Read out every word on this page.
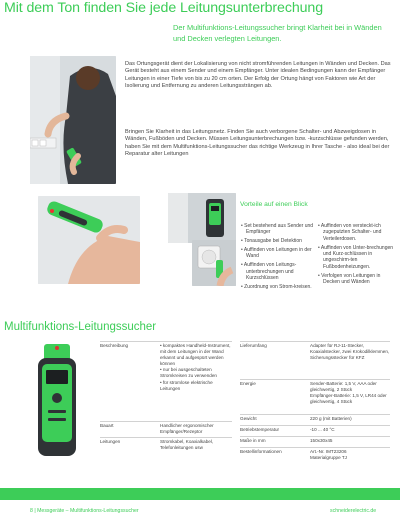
Mit dem Ton finden Sie jede Leitungsunterbrechung
Der Multifunktions-Leitungssucher bringt Klarheit bei in Wänden und Decken verlegten Leitungen.
Das Ortungsgerät dient der Lokalisierung von nicht stromführenden Leitungen in Wänden und Decken. Das Gerät besteht aus einem Sender und einem Empfänger. Unter idealen Bedingungen kann der Empfänger Leitungen in einer Tiefe von bis zu 20 cm orten. Der Erfolg der Ortung hängt von Faktoren wie Art der Isolierung und Entfernung zu anderen Leitungssträngen ab.
Bringen Sie Klarheit in das Leitungsnetz. Finden Sie auch verborgene Schalter- und Abzweigdosen in Wänden, Fußböden und Decken. Müssen Leitungsunterbrechungen bzw. -kurzschlüsse gefunden werden, haben Sie mit dem Multifunktions-Leitungssucher das richtige Werkzeug in Ihrer Tasche - also ideal bei der Reparatur alter Leitungen
Vorteile auf einen Blick
• Set bestehend aus Sender und Empfänger
• Tonausgabe bei Detektion
• Auffinden von Leitungen in der Wand
• Auffinden von Leitungs-unterbrechungen und Kurzschlüssen
• Zuordnung von Strom-kreisen.
• Auffinden von versteckt-ich zugeputzten Schalter- und Verteilerdosen.
• Auffinden von Unter-brechungen und Kurz-schlüssen in ungeschirm-ten Fußbodenheizungen.
• Verfolgen von Leitungen in Decken und Wänden
Multifunktions-Leitungssucher
Beschreibung	• kompaktes Handheld-Instrument, mit dem Leitungen in der Wand erkannt und aufgespürt werden können
• nur bei ausgeschalteten Stromkreisen zu verwenden
• für stromlose elektrische Leitungen
Bauart	Handlicher ergonomischer Empfänger/Rezeptor
Leitungen	Stromkabel, Koaxialkabel, Telefonleitungen usw
Lieferumfang	Adapter für RJ-11-Stecker, Koaxialstecker, zwei Krokodilklemmen, Sicherungsstecker für KFZ
Energie	Sender-Batterie: 1,5 V, AAA oder gleichwertig, 2 Stück
Empfänger-Batterie: 1,5 V, LR44 oder gleichwertig, 4 Stück
Gewicht	220 g (mit Batterien)
Betriebstemperatur	-10 ... 40 °C
Maße in mm	150x30x45
Bestellinformationen	Art.-Nr. IMT23206
Materialgruppe TJ
8 | Messgeräte – Multifunktions-Leitungssucher	schneiderelectric.de
